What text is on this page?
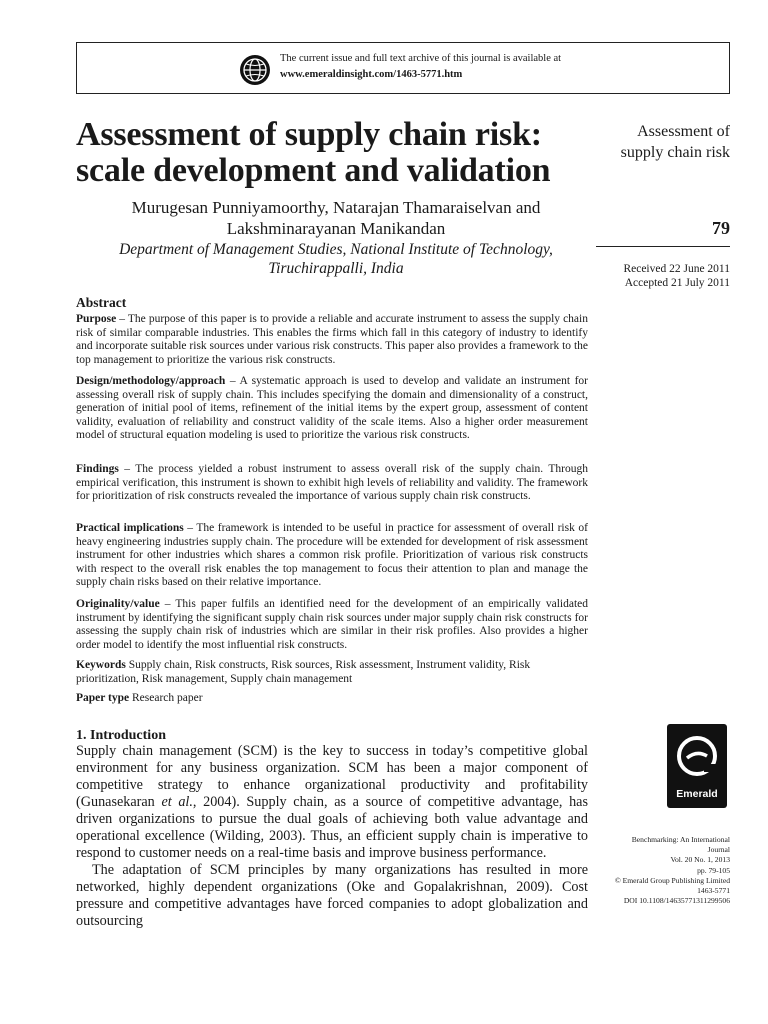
The current issue and full text archive of this journal is available at
www.emeraldinsight.com/1463-5771.htm
Assessment of supply chain risk:
scale development and validation
Murugesan Punniyamoorthy, Natarajan Thamaraiselvan and
Lakshminarayanan Manikandan
Department of Management Studies, National Institute of Technology,
Tiruchirappalli, India
Assessment of
supply chain risk
79
Received 22 June 2011
Accepted 21 July 2011
Abstract
Purpose – The purpose of this paper is to provide a reliable and accurate instrument to assess the supply chain risk of similar comparable industries. This enables the firms which fall in this category of industry to identify and incorporate suitable risk sources under various risk constructs. This paper also provides a framework to the top management to prioritize the various risk constructs.
Design/methodology/approach – A systematic approach is used to develop and validate an instrument for assessing overall risk of supply chain. This includes specifying the domain and dimensionality of a construct, generation of initial pool of items, refinement of the initial items by the expert group, assessment of content validity, evaluation of reliability and construct validity of the scale items. Also a higher order measurement model of structural equation modeling is used to prioritize the various risk constructs.
Findings – The process yielded a robust instrument to assess overall risk of the supply chain. Through empirical verification, this instrument is shown to exhibit high levels of reliability and validity. The framework for prioritization of risk constructs revealed the importance of various supply chain risk constructs.
Practical implications – The framework is intended to be useful in practice for assessment of overall risk of heavy engineering industries supply chain. The procedure will be extended for development of risk assessment instrument for other industries which shares a common risk profile. Prioritization of various risk constructs with respect to the overall risk enables the top management to focus their attention to plan and manage the supply chain risks based on their relative importance.
Originality/value – This paper fulfils an identified need for the development of an empirically validated instrument by identifying the significant supply chain risk sources under major supply chain risk constructs for assessing the supply chain risk of industries which are similar in their risk profiles. Also provides a higher order model to identify the most influential risk constructs.
Keywords Supply chain, Risk constructs, Risk sources, Risk assessment, Instrument validity, Risk prioritization, Risk management, Supply chain management
Paper type Research paper
1. Introduction

Supply chain management (SCM) is the key to success in today’s competitive global environment for any business organization. SCM has been a major component of competitive strategy to enhance organizational productivity and profitability (Gunasekaran et al., 2004). Supply chain, as a source of competitive advantage, has driven organizations to pursue the dual goals of achieving both value advantage and operational excellence (Wilding, 2003). Thus, an efficient supply chain is imperative to respond to customer needs on a real-time basis and improve business performance.

The adaptation of SCM principles by many organizations has resulted in more networked, highly dependent organizations (Oke and Gopalakrishnan, 2009). Cost pressure and competitive advantages have forced companies to adopt globalization and outsourcing

Emerald
Benchmarking: An International
Journal
Vol. 20 No. 1, 2013
pp. 79-105
© Emerald Group Publishing Limited
1463-5771
DOI 10.1108/14635771311299506
